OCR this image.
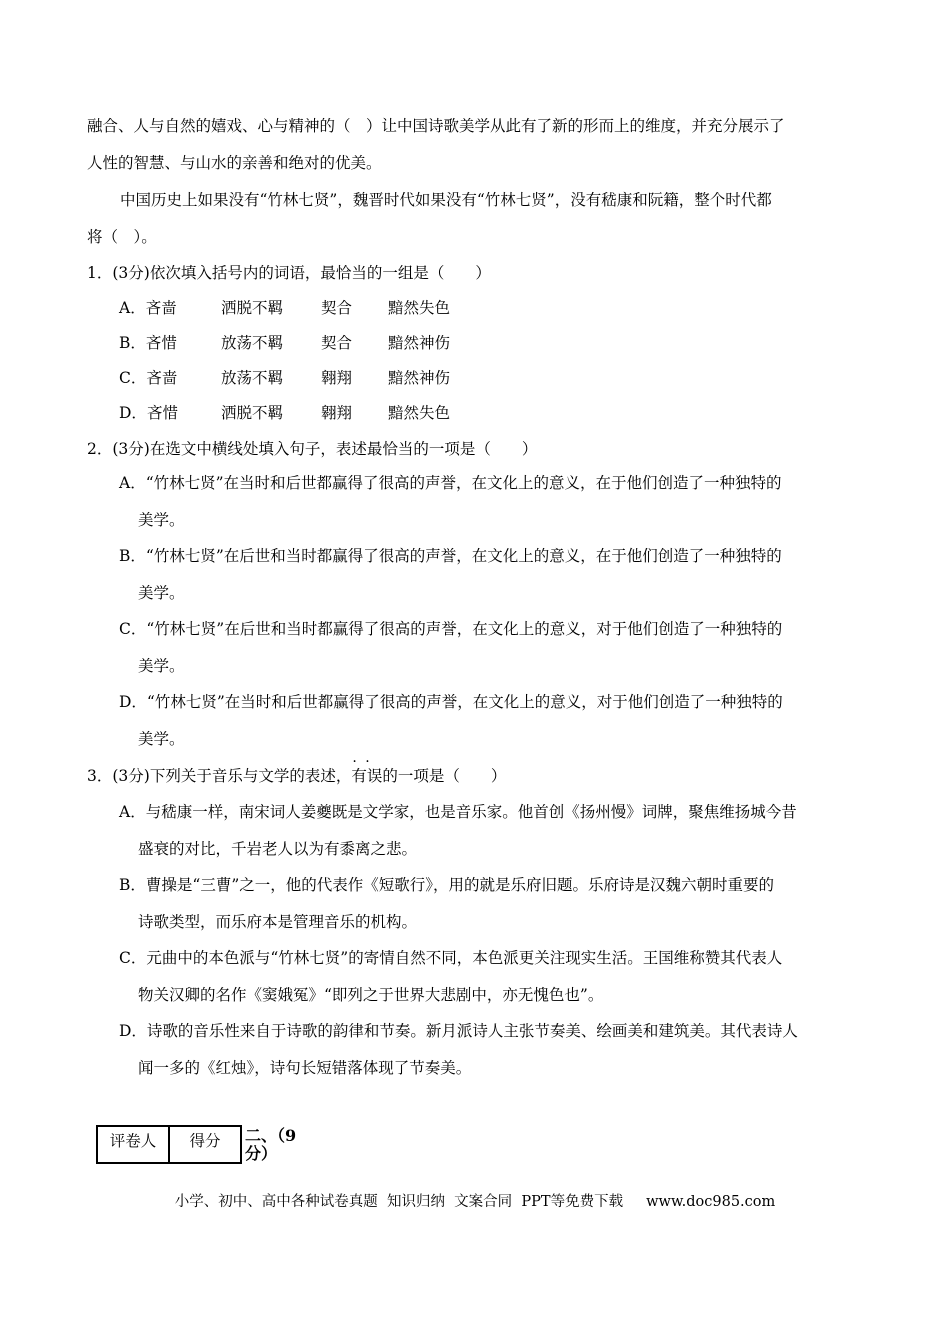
融合、人与自然的嬉戏、心与精神的（　）让中国诗歌美学从此有了新的形而上的维度，并充分展示了
人性的智慧、与山水的亲善和绝对的优美。
中国历史上如果没有“竹林七贤”，魏晋时代如果没有“竹林七贤”，没有嵇康和阮籍，整个时代都
将（　）。
1．(3分)依次填入括号内的词语，最恰当的一组是（　　）
A．吝啬	洒脱不羁 契合 黯然失色
B．吝惜	放荡不羁 契合 黯然神伤
C．吝啬	放荡不羁 翱翔 黯然神伤
D．吝惜	洒脱不羁 翱翔 黯然失色
2．(3分)在选文中横线处填入句子，表述最恰当的一项是（　　）
A．“竹林七贤”在当时和后世都赢得了很高的声誉，在文化上的意义，在于他们创造了一种独特的
美学。
B．“竹林七贤”在后世和当时都赢得了很高的声誉，在文化上的意义，在于他们创造了一种独特的
美学。
C．“竹林七贤”在后世和当时都赢得了很高的声誉，在文化上的意义，对于他们创造了一种独特的
美学。
D．“竹林七贤”在当时和后世都赢得了很高的声誉，在文化上的意义，对于他们创造了一种独特的
美学。
3．(3分)下列关于音乐与文学的表述，· · 有误的一项是（　　）
A．与嵇康一样，南宋词人姜夔既是文学家，也是音乐家。他首创《扬州慢》词牌，聚焦维扬城今昔
盛衰的对比，千岩老人以为有黍离之悲。
B．曹操是“三曹”之一，他的代表作《短歌行》，用的就是乐府旧题。乐府诗是汉魏六朝时重要的
诗歌类型，而乐府本是管理音乐的机构。
C．元曲中的本色派与“竹林七贤”的寄情自然不同，本色派更关注现实生活。王国维称赞其代表人
物关汉卿的名作《窦娥冤》“即列之于世界大悲剧中，亦无愧色也”。
D．诗歌的音乐性来自于诗歌的韵律和节奏。新月派诗人主张节奏美、绘画美和建筑美。其代表诗人
闻一多的《红烛》，诗句长短错落体现了节奏美。
评卷人	得分 二、（9分）
小学、初中、高中各种试卷真题  知识归纳  文案合同  PPT等免费下载     www.doc985.com
